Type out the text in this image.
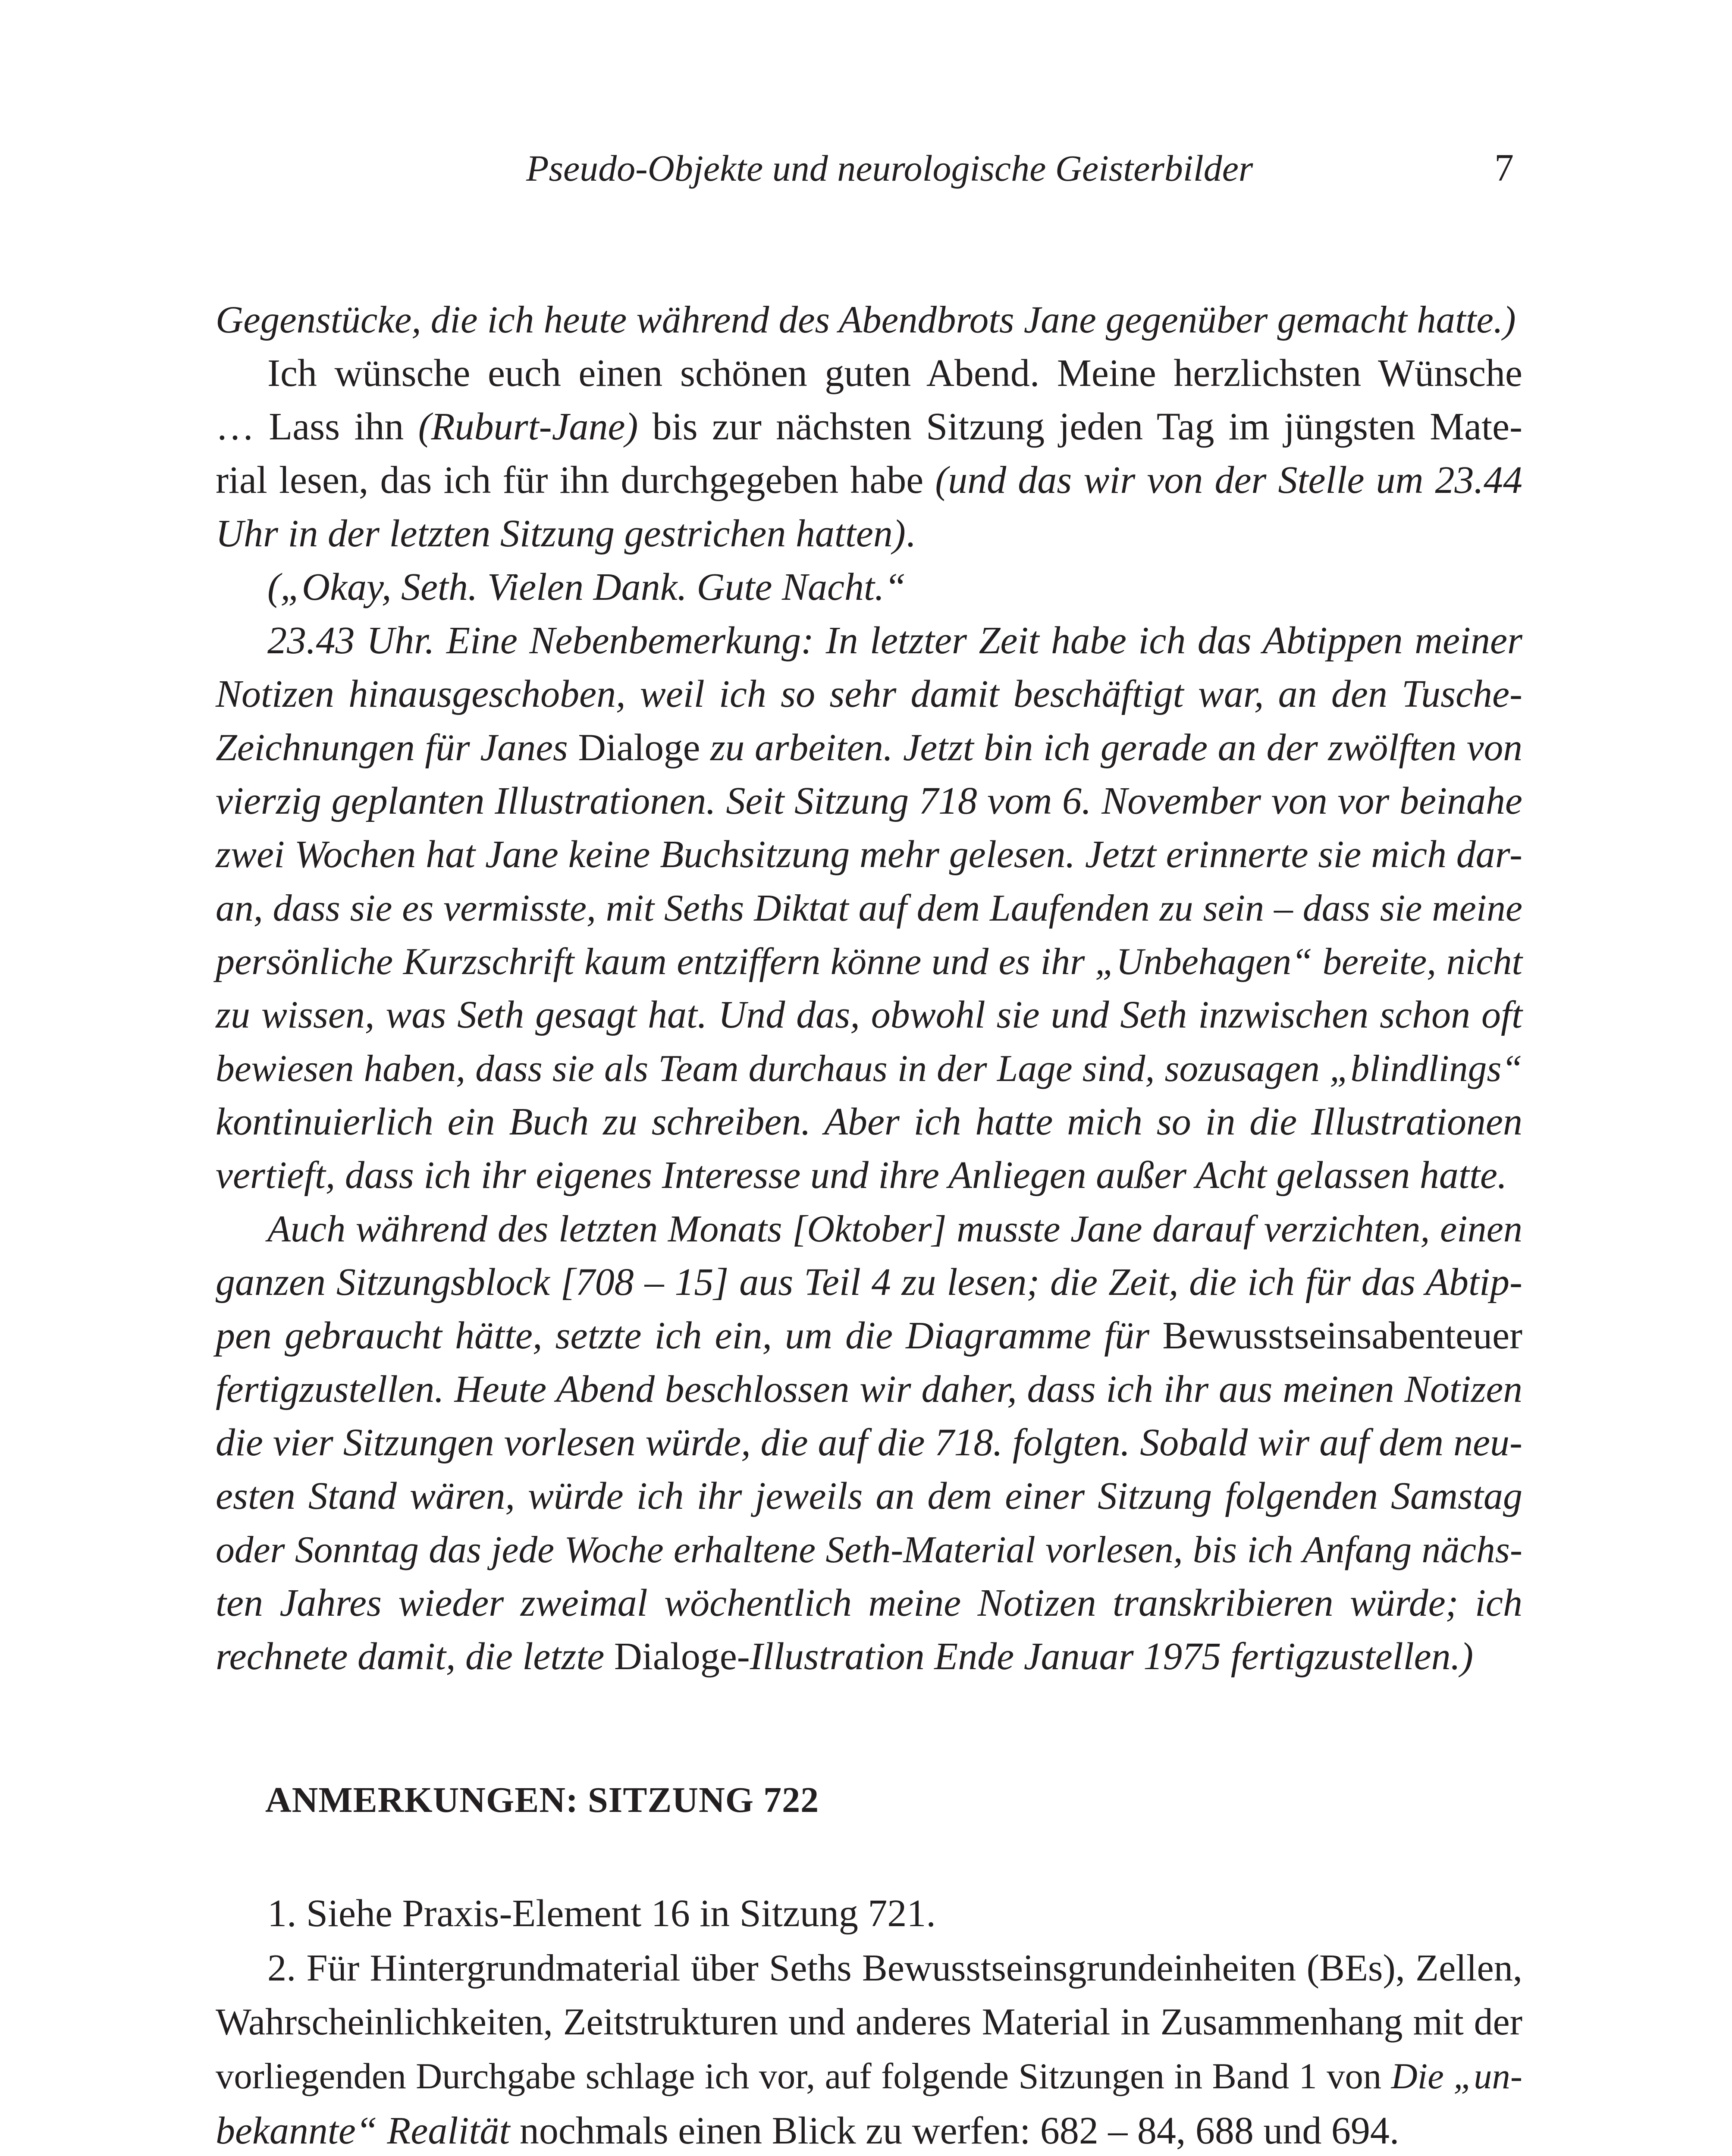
Pseudo-Objekte und neurologische Geisterbilder	7
Gegenstücke, die ich heute während des Abendbrots Jane gegenüber gemacht hatte.)
Ich wünsche euch einen schönen guten Abend. Meine herzlichsten Wünsche
… Lass ihn (Ruburt-Jane) bis zur nächsten Sitzung jeden Tag im jüngsten Mate-
rial lesen, das ich für ihn durchgegeben habe (und das wir von der Stelle um 23.44
Uhr in der letzten Sitzung gestrichen hatten).
(„Okay, Seth. Vielen Dank. Gute Nacht.“
23.43 Uhr. Eine Nebenbemerkung: In letzter Zeit habe ich das Abtippen meiner
Notizen hinausgeschoben, weil ich so sehr damit beschäftigt war, an den Tusche-
Zeichnungen für Janes Dialoge zu arbeiten. Jetzt bin ich gerade an der zwölften von
vierzig geplanten Illustrationen. Seit Sitzung 718 vom 6. November von vor beinahe
zwei Wochen hat Jane keine Buchsitzung mehr gelesen. Jetzt erinnerte sie mich dar-
an, dass sie es vermisste, mit Seths Diktat auf dem Laufenden zu sein – dass sie meine
persönliche Kurzschrift kaum entziffern könne und es ihr „Unbehagen“ bereite, nicht
zu wissen, was Seth gesagt hat. Und das, obwohl sie und Seth inzwischen schon oft
bewiesen haben, dass sie als Team durchaus in der Lage sind, sozusagen „blindlings“
kontinuierlich ein Buch zu schreiben. Aber ich hatte mich so in die Illustrationen
vertieft, dass ich ihr eigenes Interesse und ihre Anliegen außer Acht gelassen hatte.
Auch während des letzten Monats [Oktober] musste Jane darauf verzichten, einen
ganzen Sitzungsblock [708 – 15] aus Teil 4 zu lesen; die Zeit, die ich für das Abtip-
pen gebraucht hätte, setzte ich ein, um die Diagramme für Bewusstseinsabenteuer
fertigzustellen. Heute Abend beschlossen wir daher, dass ich ihr aus meinen Notizen
die vier Sitzungen vorlesen würde, die auf die 718. folgten. Sobald wir auf dem neu-
esten Stand wären, würde ich ihr jeweils an dem einer Sitzung folgenden Samstag
oder Sonntag das jede Woche erhaltene Seth-Material vorlesen, bis ich Anfang nächs-
ten Jahres wieder zweimal wöchentlich meine Notizen transkribieren würde; ich
rechnete damit, die letzte Dialoge-Illustration Ende Januar 1975 fertigzustellen.)
ANMERKUNGEN: SITZUNG 722
1. Siehe Praxis-Element 16 in Sitzung 721.
2. Für Hintergrundmaterial über Seths Bewusstseinsgrundeinheiten (BEs), Zellen,
Wahrscheinlichkeiten, Zeitstrukturen und anderes Material in Zusammenhang mit der
vorliegenden Durchgabe schlage ich vor, auf folgende Sitzungen in Band 1 von Die „un-
bekannte“ Realität nochmals einen Blick zu werfen: 682 – 84, 688 und 694.
